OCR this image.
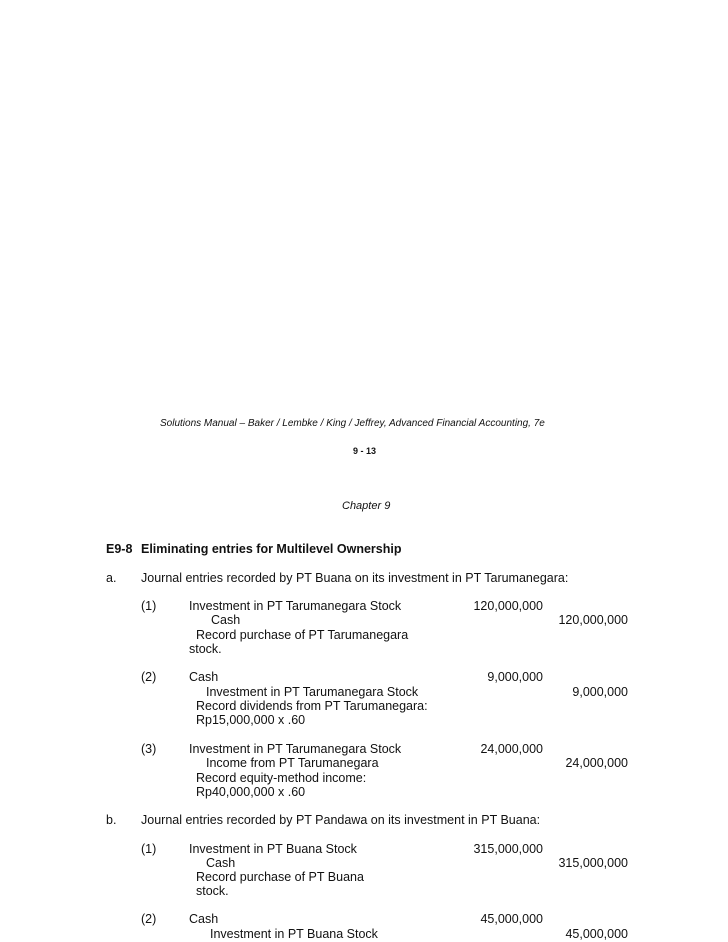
Solutions Manual – Baker / Lembke / King / Jeffrey, Advanced Financial Accounting, 7e
9 - 13
Chapter 9
E9-8 Eliminating entries for Multilevel Ownership
a. Journal entries recorded by PT Buana on its investment in PT Tarumanegara:
(1)	Investment in PT Tarumanegara Stock	120,000,000
Cash	120,000,000
Record purchase of PT Tarumanegara
stock.
(2)	Cash	9,000,000
Investment in PT Tarumanegara Stock	9,000,000
Record dividends from PT Tarumanegara:
Rp15,000,000 x .60
(3)	Investment in PT Tarumanegara Stock	24,000,000
Income from PT Tarumanegara	24,000,000
Record equity-method income:
Rp40,000,000 x .60
b. Journal entries recorded by PT Pandawa on its investment in PT Buana:
(1)	Investment in PT Buana Stock	315,000,000
Cash	315,000,000
Record purchase of PT Buana
stock.
(2)	Cash	45,000,000
Investment in PT Buana Stock	45,000,000
